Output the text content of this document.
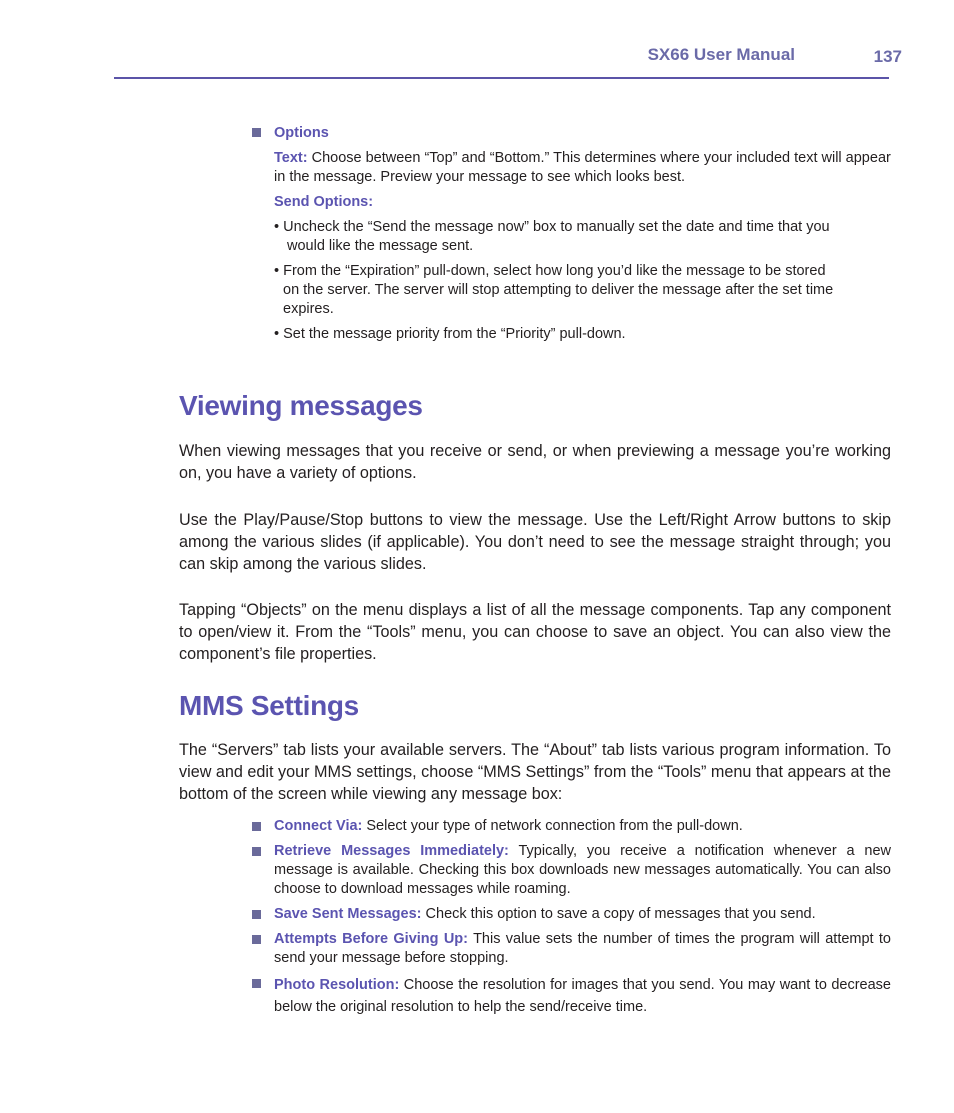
SX66 User Manual	137
Options
Text: Choose between “Top” and “Bottom.” This determines where your included text will appear in the message. Preview your message to see which looks best.
Send Options:
• Uncheck the “Send the message now” box to manually set the date and time that you
would like the message sent.
• From the “Expiration” pull-down, select how long you’d like the message to be stored
on the server. The server will stop attempting to deliver the message after the set time
expires.
• Set the message priority from the “Priority” pull-down.
Viewing messages
When viewing messages that you receive or send, or when previewing a message you’re working on, you have a variety of options.
Use the Play/Pause/Stop buttons to view the message. Use the Left/Right Arrow buttons to skip among the various slides (if applicable). You don’t need to see the message straight through; you can skip among the various slides.
Tapping “Objects” on the menu displays a list of all the message components. Tap any component to open/view it. From the “Tools” menu, you can choose to save an object. You can also view the component’s file properties.
MMS Settings
The “Servers” tab lists your available servers. The “About” tab lists various program information. To view and edit your MMS settings, choose “MMS Settings” from the “Tools” menu that appears at the bottom of the screen while viewing any message box:
Connect Via: Select your type of network connection from the pull-down.
Retrieve Messages Immediately: Typically, you receive a notification whenever a new message is available. Checking this box downloads new messages automatically. You can also choose to download messages while roaming.
Save Sent Messages: Check this option to save a copy of messages that you send.
Attempts Before Giving Up: This value sets the number of times the program will attempt to send your message before stopping.
Photo Resolution: Choose the resolution for images that you send. You may want to decrease below the original resolution to help the send/receive time.
